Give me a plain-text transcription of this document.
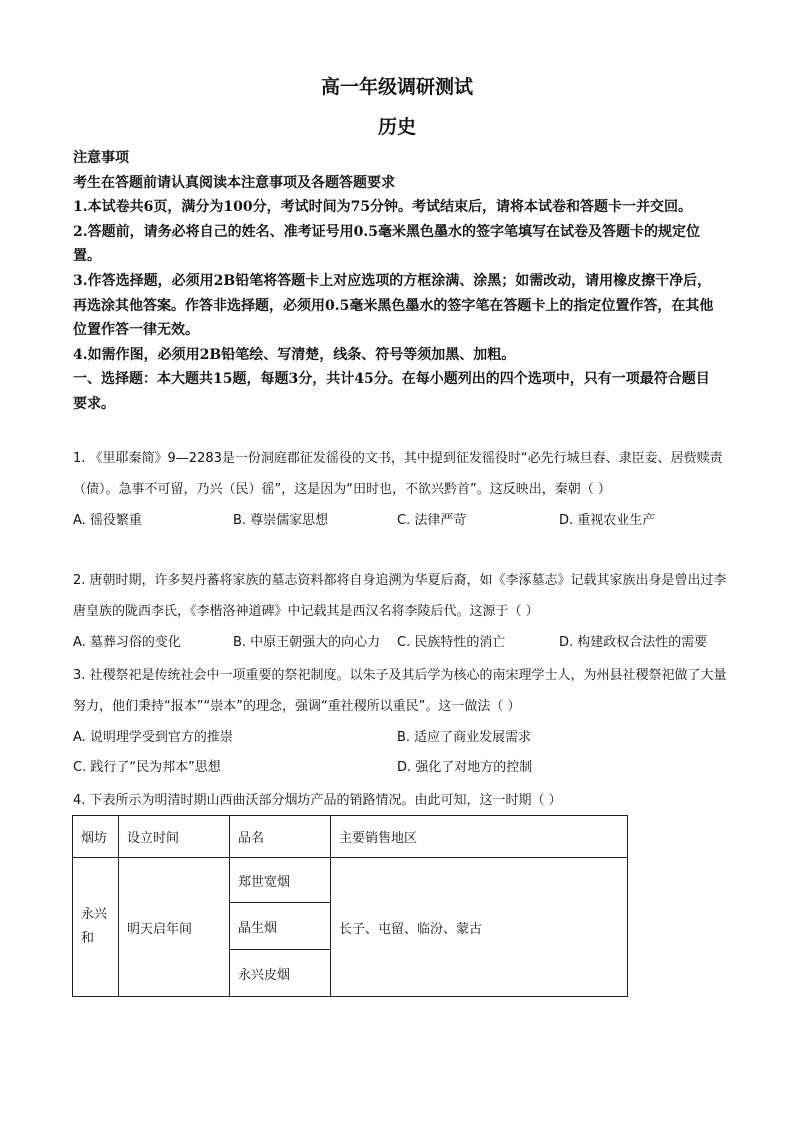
高一年级调研测试
历史

注意事项

考生在答题前请认真阅读本注意事项及各题答题要求

1.本试卷共6页，满分为100分，考试时间为75分钟。考试结束后，请将本试卷和答题卡一并交回。

2.答题前，请务必将自己的姓名、准考证号用0.5毫米黑色墨水的签字笔填写在试卷及答题卡的规定位置。

3.作答选择题，必须用2B铅笔将答题卡上对应选项的方框涂满、涂黑；如需改动，请用橡皮擦干净后，再选涂其他答案。作答非选择题，必须用0.5毫米黑色墨水的签字笔在答题卡上的指定位置作答，在其他位置作答一律无效。

4.如需作图，必须用2B铅笔绘、写清楚，线条、符号等须加黑、加粗。

一、选择题：本大题共15题，每题3分，共计45分。在每小题列出的四个选项中，只有一项最符合题目要求。

1. 《里耶秦简》9—2283是一份洞庭郡征发徭役的文书，其中提到征发徭役时“必先行城旦舂、隶臣妾、居赀赎责（债）。急事不可留，乃兴（民）徭”，这是因为“田时也，不欲兴黔首”。这反映出，秦朝（ ）

A. 徭役繁重	B. 尊崇儒家思想	C. 法律严苛	D. 重视农业生产

2. 唐朝时期，许多契丹蕃将家族的墓志资料都将自身追溯为华夏后裔，如《李涿墓志》记载其家族出身是曾出过李唐皇族的陇西李氏，《李楷洛神道碑》中记载其是西汉名将李陵后代。这源于（ ）

A. 墓葬习俗的变化	B. 中原王朝强大的向心力 C. 民族特性的消亡	D. 构建政权合法性的需要

3. 社稷祭祀是传统社会中一项重要的祭祀制度。以朱子及其后学为核心的南宋理学士人，为州县社稷祭祀做了大量努力，他们秉持“报本”“崇本”的理念，强调“重社稷所以重民”。这一做法（ ）

A. 说明理学受到官方的推崇	B. 适应了商业发展需求
C. 践行了“民为邦本”思想	D. 强化了对地方的控制

4. 下表所示为明清时期山西曲沃部分烟坊产品的销路情况。由此可知，这一时期（ ）

烟坊	设立时间	品名	主要销售地区
永兴和	明天启年间	郑世宽烟	长子、屯留、临汾、蒙古
		晶生烟	
		永兴皮烟	
